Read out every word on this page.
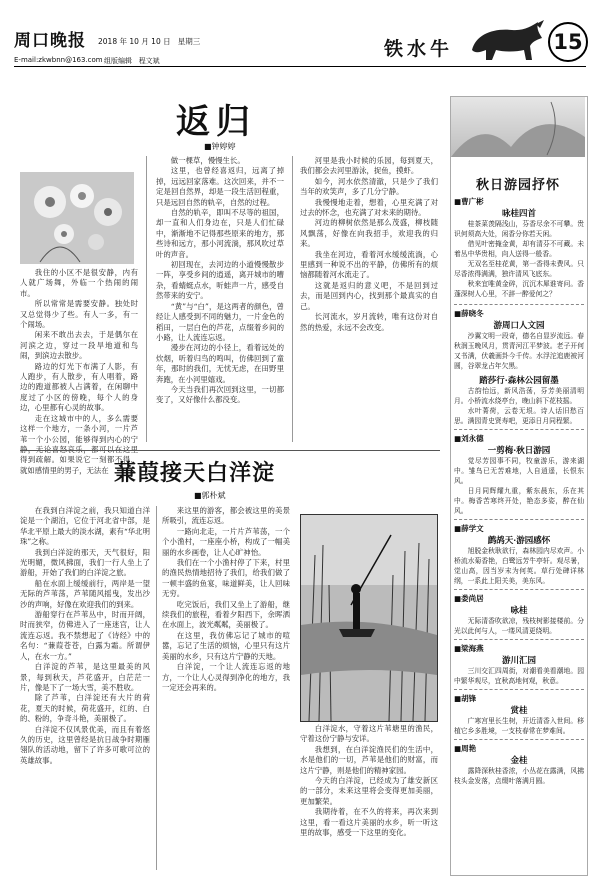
周口晚报 2018 年 10 月 10 日 星期三
E-mail:zkwbnn@163.com 组版编辑 程文斌
铁水牛	15
返归
■钟婷婷

我住的小区不是很安静，内有人就广场舞，外临一个热闹的闹市。

所以常常是需要安静。独处时又总觉得少了些。有人一多，有一个闹场。

闲来不敢出去去，于是偶尔在河滨之边，穿过一段旱地道和鸟闹，到滨边去散步。

路边的灯光下布满了人影，有人跑步，有人散步，有人唱着，路边的跑道都被人占满着，在闲聊中度过了小区的傍晚，每个人的身边，心里都有心灵的故事。

走在这城市中的人，多么需要这样一个地方，一条小河，一片芦苇一个小公园，能够得到内心的宁静，无论喜怒哀乐，都可以在这里得到疏解。如果说它一刻都不得，就如感情里的男子，无法在

做一棵草，慢慢生长。

这里，也曾经喜返归，远离了掉掉，远远回家落难。这次回来，并不一定是回自然界，却是一段生活回程重，只是远回自然的轨辛，自然的过程。

自然的轨辛，即叫不尽等的祖国，却一直和人们身边在，只是人们忙碌中，渐渐地不记得那些原来的地方，那些诗和远方，那小河流淌，那风吹过草叶的声音。

初回现在，去河边的小道慢慢散步一阵，享受乡间的逍遥，离开城市的嘈杂，看蜻蜓点水，听蛙声一片，感受自然带来的安宁。

“黄”与“白”，是这两者的颜色，曾经让人感受到不同的魅力，一片金色的稻田，一层白色的芦花，点缀着乡间的小路，让人流连忘返。

漫步在河边的小径上，看着远处的炊烟，听着归鸟的鸣叫，仿佛回到了童年，那时的我们，无忧无虑，在田野里奔跑，在小河里嬉戏。

今天当我们再次回到这里，一切都变了，又好像什么都没变。

河里是我小时候的乐园，每到夏天，我们都会去河里游泳，捉鱼，摸虾。

如今，河水依然清澈，只是少了我们当年的欢笑声，多了几分宁静。

我慢慢地走着，想着，心里充满了对过去的怀念，也充满了对未来的期待。

河边的柳树依然是那么茂盛，柳枝随风飘荡，好像在向我招手，欢迎我的归来。

我坐在河边，看着河水缓缓流淌，心里感到一种说不出的平静，仿佛所有的烦恼都随着河水流走了。

这就是返归的意义吧，不是回到过去，而是回到内心，找到那个最真实的自己。

长河流水，岁月流转，唯有这份对自然的热爱，永远不会改变。

蒹葭接天白洋淀
■郭朴斌

在我到白洋淀之前，我只知道白洋淀是一个湖泊，它位于河北省中部，是华北平原上最大的淡水湖，素有“华北明珠”之称。

我到白洋淀的那天，天气很好，阳光明媚，微风拂面，我们一行人坐上了游船，开始了我们的白洋淀之旅。

船在水面上缓缓前行，两岸是一望无际的芦苇荡，芦苇随风摇曳，发出沙沙的声响，好像在欢迎我们的到来。

游船穿行在芦苇丛中，时而开阔，时而狭窄，仿佛进入了一座迷宫，让人流连忘返。我不禁想起了《诗经》中的名句：“蒹葭苍苍，白露为霜。所谓伊人，在水一方。”

白洋淀的芦苇，是这里最美的风景，每到秋天，芦花盛开，白茫茫一片，像是下了一场大雪，美不胜收。

除了芦苇，白洋淀还有大片的荷花，夏天的时候，荷花盛开，红的、白的、粉的，争奇斗艳，美丽极了。

白洋淀不仅风景优美，而且有着悠久的历史，这里曾经是抗日战争时期雁翎队的活动地，留下了许多可歌可泣的英雄故事。

来这里的游客，都会被这里的美景所吸引，流连忘返。

一路向北走，一片片芦苇荡，一个个小渔村，一座座小桥，构成了一幅美丽的水乡画卷，让人心旷神怡。

我们在一个小渔村停了下来，村里的渔民热情地招待了我们，给我们做了一顿丰盛的鱼宴，味道鲜美，让人回味无穷。

吃完饭后，我们又坐上了游船，继续我们的旅程，看着夕阳西下，余晖洒在水面上，波光粼粼，美丽极了。

在这里，我仿佛忘记了城市的喧嚣，忘记了生活的烦恼，心里只有这片美丽的水乡，只有这片宁静的天地。

白洋淀，一个让人流连忘返的地方，一个让人心灵得到净化的地方，我一定还会再来的。

白洋淀水，守着这片苇塘里的渔民，守着这份宁静与安详。

我想到，在白洋淀渔民们的生活中，水是他们的一切，芦苇是他们的财富，而这片宁静，则是他们的精神家园。

今天的白洋淀，已经成为了雄安新区的一部分，未来这里将会变得更加美丽，更加繁荣。

我期待着，在不久的将来，再次来到这里，看一看这片美丽的水乡，听一听这里的故事，感受一下这里的变化。

秋日游园抒怀
■曹广彬
咏桂四首
桂茶菜羡隔浅山，芬香尽余不可攀。贵识何须高大处，闲香分你若天闲。
借见叶密掩金黄，却有清芬不可藏。未着丛中华贵相，向人送得一般香。
无双名至桂花黄，第一香得未费风。只尽香浓得满满，独许清风飞底东。
秋来宜唯黄金碎，沉沉木犀谁寄问。香蓬深树人心里，不辞一醉爱何之？
■薛晓冬
游周口人文园
沙翼文明一段奇，德名自显岁流远。春秋润玉晚风月，贯青河江平梦波。老子开何又书满，伏羲画卦今千传。水浮沱追鹿被河圆，谷翠龙占年欠黑。
踏莎行·森林公园留墨
古韵怡远，新风浩荡，芬芳美丽清明月。小桥流水绕亭台，晚山斜下花枝摇。
水叶菁荷，云卷无垠。诗人话旧愁百思。满园青史贤寿吧，更添日月同程繁。
■刘永德
一剪梅·秋日游园
觉尽芳园事不同，牧童游乐，游来湖中。雏鸟已无苦难地，人自逍遥，长恨东风。
日月同辉耀九重，紫东晨东，乐在其中。梅香苦寒终开处，艳态多姿，醉在仙风。
■薛学文
鹧鸪天·游园感怀
旭脱金秋耿欲行，森林园内尽欢声。小桥流水菊香艳，白鹭远芳牛亭轩。观尽暑，觉山高，因当岁末为何英。草行处碑详林纲，一系此上阳关美，美东风。
■娄尚居
咏桂
无际清香吹欲凉，残枝树影接楼前。分光以此何与人，一缕风清更绕明。
■梁海燕
游川汇园
三川交汇四周街，对潮看美看潮地。园中繁华观尽，宜秋高地何观，秋意。
■胡锋
赏桂
广寒宫里长生树，开近清香入世间。移植它乡多胜境，一支枝春常在梦难间。
■周艳
金桂
露降深秋桂香浓，小丛花在露满，风拂枝头金发落，点缀叶落满月圆。
